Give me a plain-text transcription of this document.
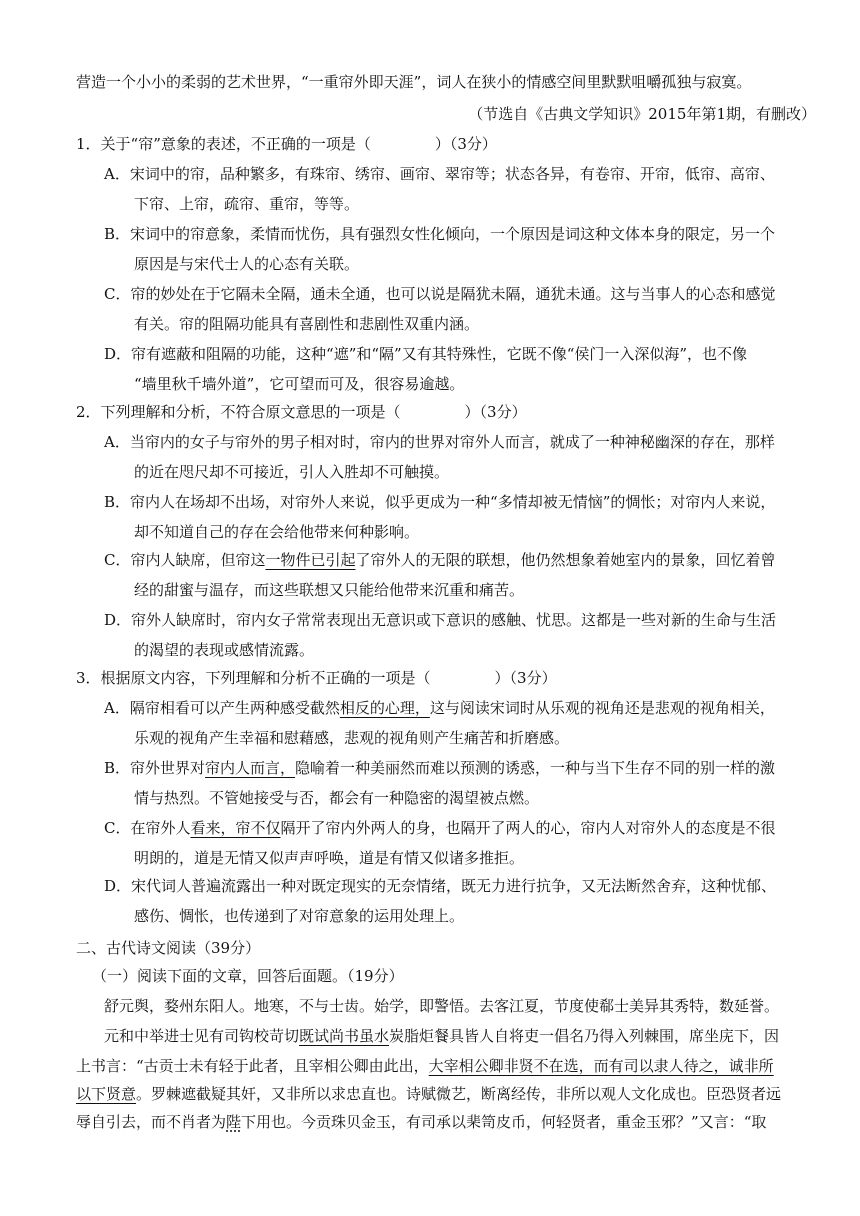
营造一个小小的柔弱的艺术世界，“一重帘外即天涯”，词人在狭小的情感空间里默默咀嚼孤独与寂寞。
（节选自《古典文学知识》2015年第1期，有删改）
1．关于“帘”意象的表述，不正确的一项是（	）（3分）
A．宋词中的帘，品种繁多，有珠帘、绣帘、画帘、翠帘等；状态各异，有卷帘、开帘，低帘、高帘、
下帘、上帘，疏帘、重帘，等等。
B．宋词中的帘意象，柔情而忧伤，具有强烈女性化倾向，一个原因是词这种文体本身的限定，另一个
原因是与宋代士人的心态有关联。
C．帘的妙处在于它隔未全隔，通未全通，也可以说是隔犹未隔，通犹未通。这与当事人的心态和感觉
有关。帘的阻隔功能具有喜剧性和悲剧性双重内涵。
D．帘有遮蔽和阻隔的功能，这种“遮”和“隔”又有其特殊性，它既不像“侯门一入深似海”，也不像
“墙里秋千墙外道”，它可望而可及，很容易逾越。
2．下列理解和分析，不符合原文意思的一项是（	）（3分）
A．当帘内的女子与帘外的男子相对时，帘内的世界对帘外人而言，就成了一种神秘幽深的存在，那样
的近在咫尺却不可接近，引人入胜却不可触摸。
B．帘内人在场却不出场，对帘外人来说，似乎更成为一种“多情却被无情恼”的惆怅；对帘内人来说，
却不知道自己的存在会给他带来何种影响。
C．帘内人缺席，但帘这一物件已引起了帘外人的无限的联想，他仍然想象着她室内的景象，回忆着曾
经的甜蜜与温存，而这些联想又只能给他带来沉重和痛苦。
D．帘外人缺席时，帘内女子常常表现出无意识或下意识的感触、忧思。这都是一些对新的生命与生活
的渴望的表现或感情流露。
3．根据原文内容，下列理解和分析不正确的一项是（	）（3分）
A．隔帘相看可以产生两种感受截然相反的心理，这与阅读宋词时从乐观的视角还是悲观的视角相关，
乐观的视角产生幸福和慰藉感，悲观的视角则产生痛苦和折磨感。
B．帘外世界对帘内人而言，隐喻着一种美丽然而难以预测的诱惑，一种与当下生存不同的别一样的激
情与热烈。不管她接受与否，都会有一种隐密的渴望被点燃。
C．在帘外人看来，帘不仅隔开了帘内外两人的身，也隔开了两人的心，帘内人对帘外人的态度是不很
明朗的，道是无情又似声声呼唤，道是有情又似诸多推拒。
D．宋代词人普遍流露出一种对既定现实的无奈情绪，既无力进行抗争，又无法断然舍弃，这种忧郁、
感伤、惆怅，也传递到了对帘意象的运用处理上。
二、古代诗文阅读（39分）
（一）阅读下面的文章，回答后面题。（19分）
舒元舆，婺州东阳人。地寒，不与士齿。始学，即警悟。去客江夏，节度使郗士美异其秀特，数延誉。
元和中举进士见有司钩校苛切既试尚书虽水炭脂炬餐具皆人自将吏一倡名乃得入列棘围，席坐庑下，因
上书言：“古贡士未有轻于此者，且宰相公卿由此出，大宰相公卿非贤不在选，而有司以隶人待之，诚非所
以下贤意。罗棘遮截疑其奸，又非所以求忠直也。诗赋微艺，断离经传，非所以观人文化成也。臣恐贤者远
辱自引去，而不肖者为陛下用也。今贡珠贝金玉，有司承以棐笥皮币，何轻贤者，重金玉邪？”又言：“取
